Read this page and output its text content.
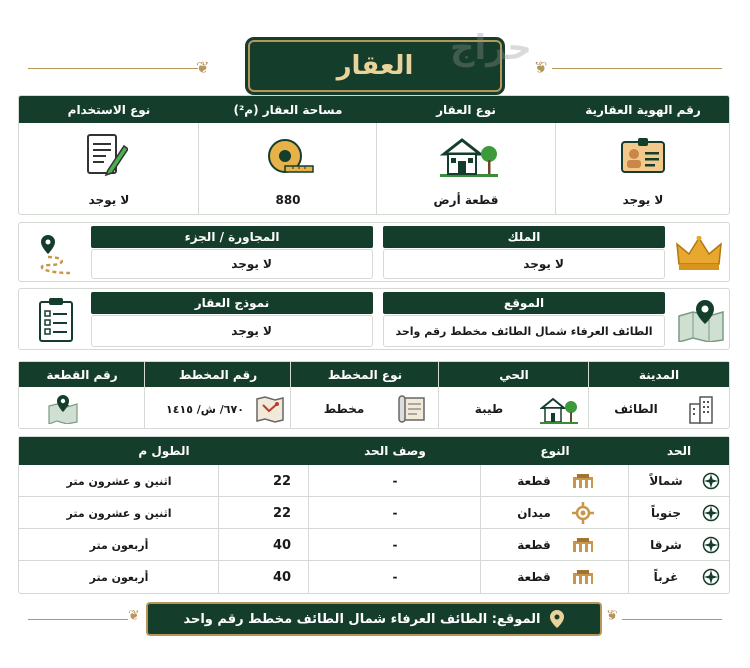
❦	❦
العقار حراج
رقم الهوية العقارية
نوع العقار
مساحة العقار (م²)
نوع الاستخدام
لا يوجد
قطعة أرض
880
لا يوجد
الملك
لا يوجد
المجاورة / الجزء
لا يوجد
الموقع
الطائف العرفاء شمال الطائف مخطط رقم واحد
نموذج العقار
لا يوجد
المدينة
الحي
نوع المخطط
رقم المخطط
رقم القطعة
الطائف
طيبة
مخطط
٦٧٠/ ش/ ١٤١٥
الحد
النوع
وصف الحد
الطول م
شمالاً
قطعة
-
22
اثنين و عشرون متر
جنوباً
ميدان
-
22
اثنين و عشرون متر
شرقا
قطعة
-
40
أربعون متر
غرباً
قطعة
-
40
أربعون متر
❦	❦
الموقع: الطائف العرفاء شمال الطائف مخطط رقم واحد
